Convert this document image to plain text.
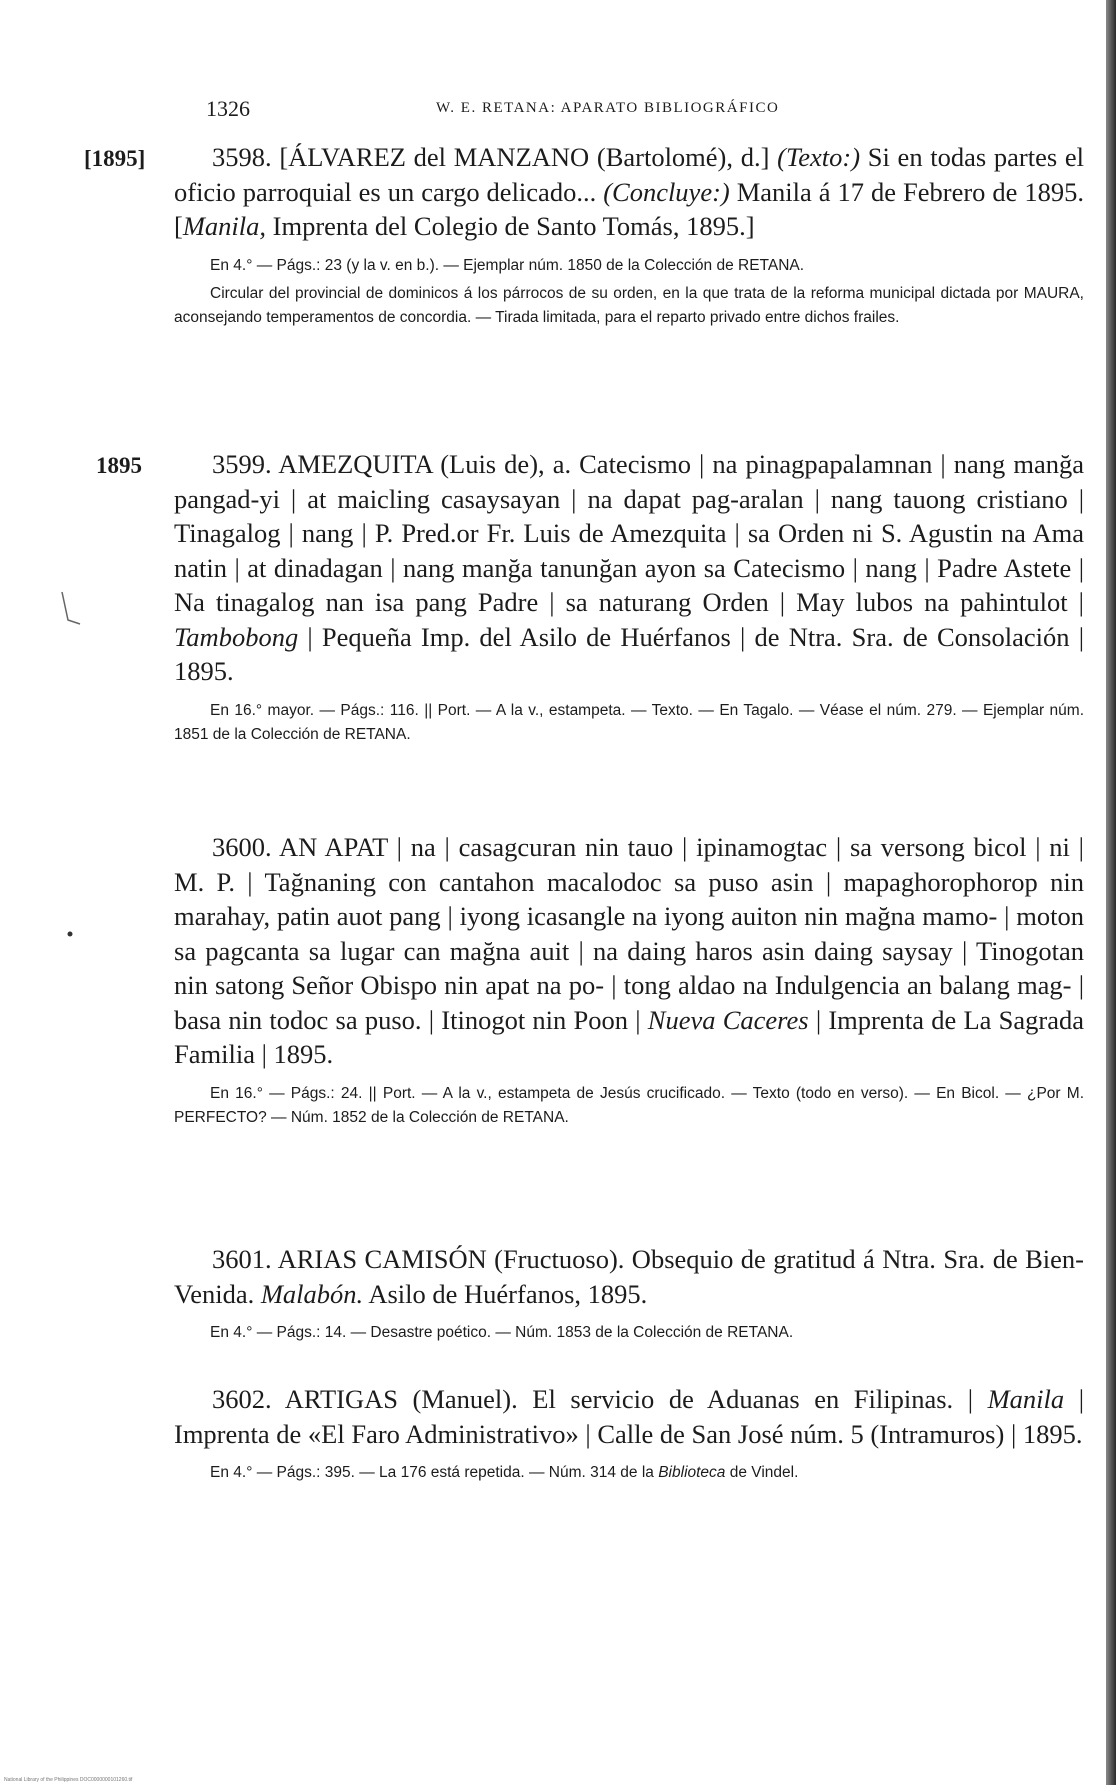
1326	W. E. RETANA: APARATO BIBLIOGRÁFICO
[1895]	3598. [ÁLVAREZ del MANZANO (Bartolomé), d.] (Texto:) Si en todas partes el oficio parroquial es un cargo delicado... (Concluye:) Manila á 17 de Febrero de 1895. [Manila, Imprenta del Colegio de Santo Tomás, 1895.]

En 4.° — Págs.: 23 (y la v. en b.). — Ejemplar núm. 1850 de la Colección de RETANA.
Circular del provincial de dominicos á los párrocos de su orden, en la que trata de la reforma municipal dictada por MAURA, aconsejando temperamentos de concordia. — Tirada limitada, para el reparto privado entre dichos frailes.
1895	3599. AMEZQUITA (Luis de), a. Catecismo | na pinagpapalamnan | nang manğa pangad-yi | at maicling casaysayan | na dapat pag-aralan | nang tauong cristiano | Tinagalog | nang | P. Pred.or Fr. Luis de Amezquita | sa Orden ni S. Agustin na Ama natin | at dinadagan | nang manğa tanunğan ayon sa Catecismo | nang | Padre Astete | Na tinagalog nan isa pang Padre | sa naturang Orden | May lubos na pahintulot | Tambobong | Pequeña Imp. del Asilo de Huérfanos | de Ntra. Sra. de Consolación | 1895.

En 16.° mayor. — Págs.: 116. || Port. — A la v., estampeta. — Texto. — En Tagalo. — Véase el núm. 279. — Ejemplar núm. 1851 de la Colección de RETANA.

3600. AN APAT | na | casagcuran nin tauo | ipinamogtac | sa versong bicol | ni | M. P. | Tağnaning con cantahon macalodoc sa puso asin | mapaghorophorop nin marahay, patin auot pang | iyong icasangle na iyong auiton nin mağna mamo- | moton sa pagcanta sa lugar can mağna auit | na daing haros asin daing saysay | Tinogotan nin satong Señor Obispo nin apat na po- | tong aldao na Indulgencia an balang mag- | basa nin todoc sa puso. | Itinogot nin Poon | Nueva Caceres | Imprenta de La Sagrada Familia | 1895.

En 16.° — Págs.: 24. || Port. — A la v., estampeta de Jesús crucificado. — Texto (todo en verso). — En Bicol. — ¿Por M. PERFECTO? — Núm. 1852 de la Colección de RETANA.

3601. ARIAS CAMISÓN (Fructuoso). Obsequio de gratitud á Ntra. Sra. de Bien-Venida. Malabón. Asilo de Huérfanos, 1895.

En 4.° — Págs.: 14. — Desastre poético. — Núm. 1853 de la Colección de RETANA.

3602. ARTIGAS (Manuel). El servicio de Aduanas en Filipinas. | Manila | Imprenta de «El Faro Administrativo» | Calle de San José núm. 5 (Intramuros) | 1895.

En 4.° — Págs.: 395. — La 176 está repetida. — Núm. 314 de la Biblioteca de Vindel.
National Library of the Philippines DOC0000000101260.tif
